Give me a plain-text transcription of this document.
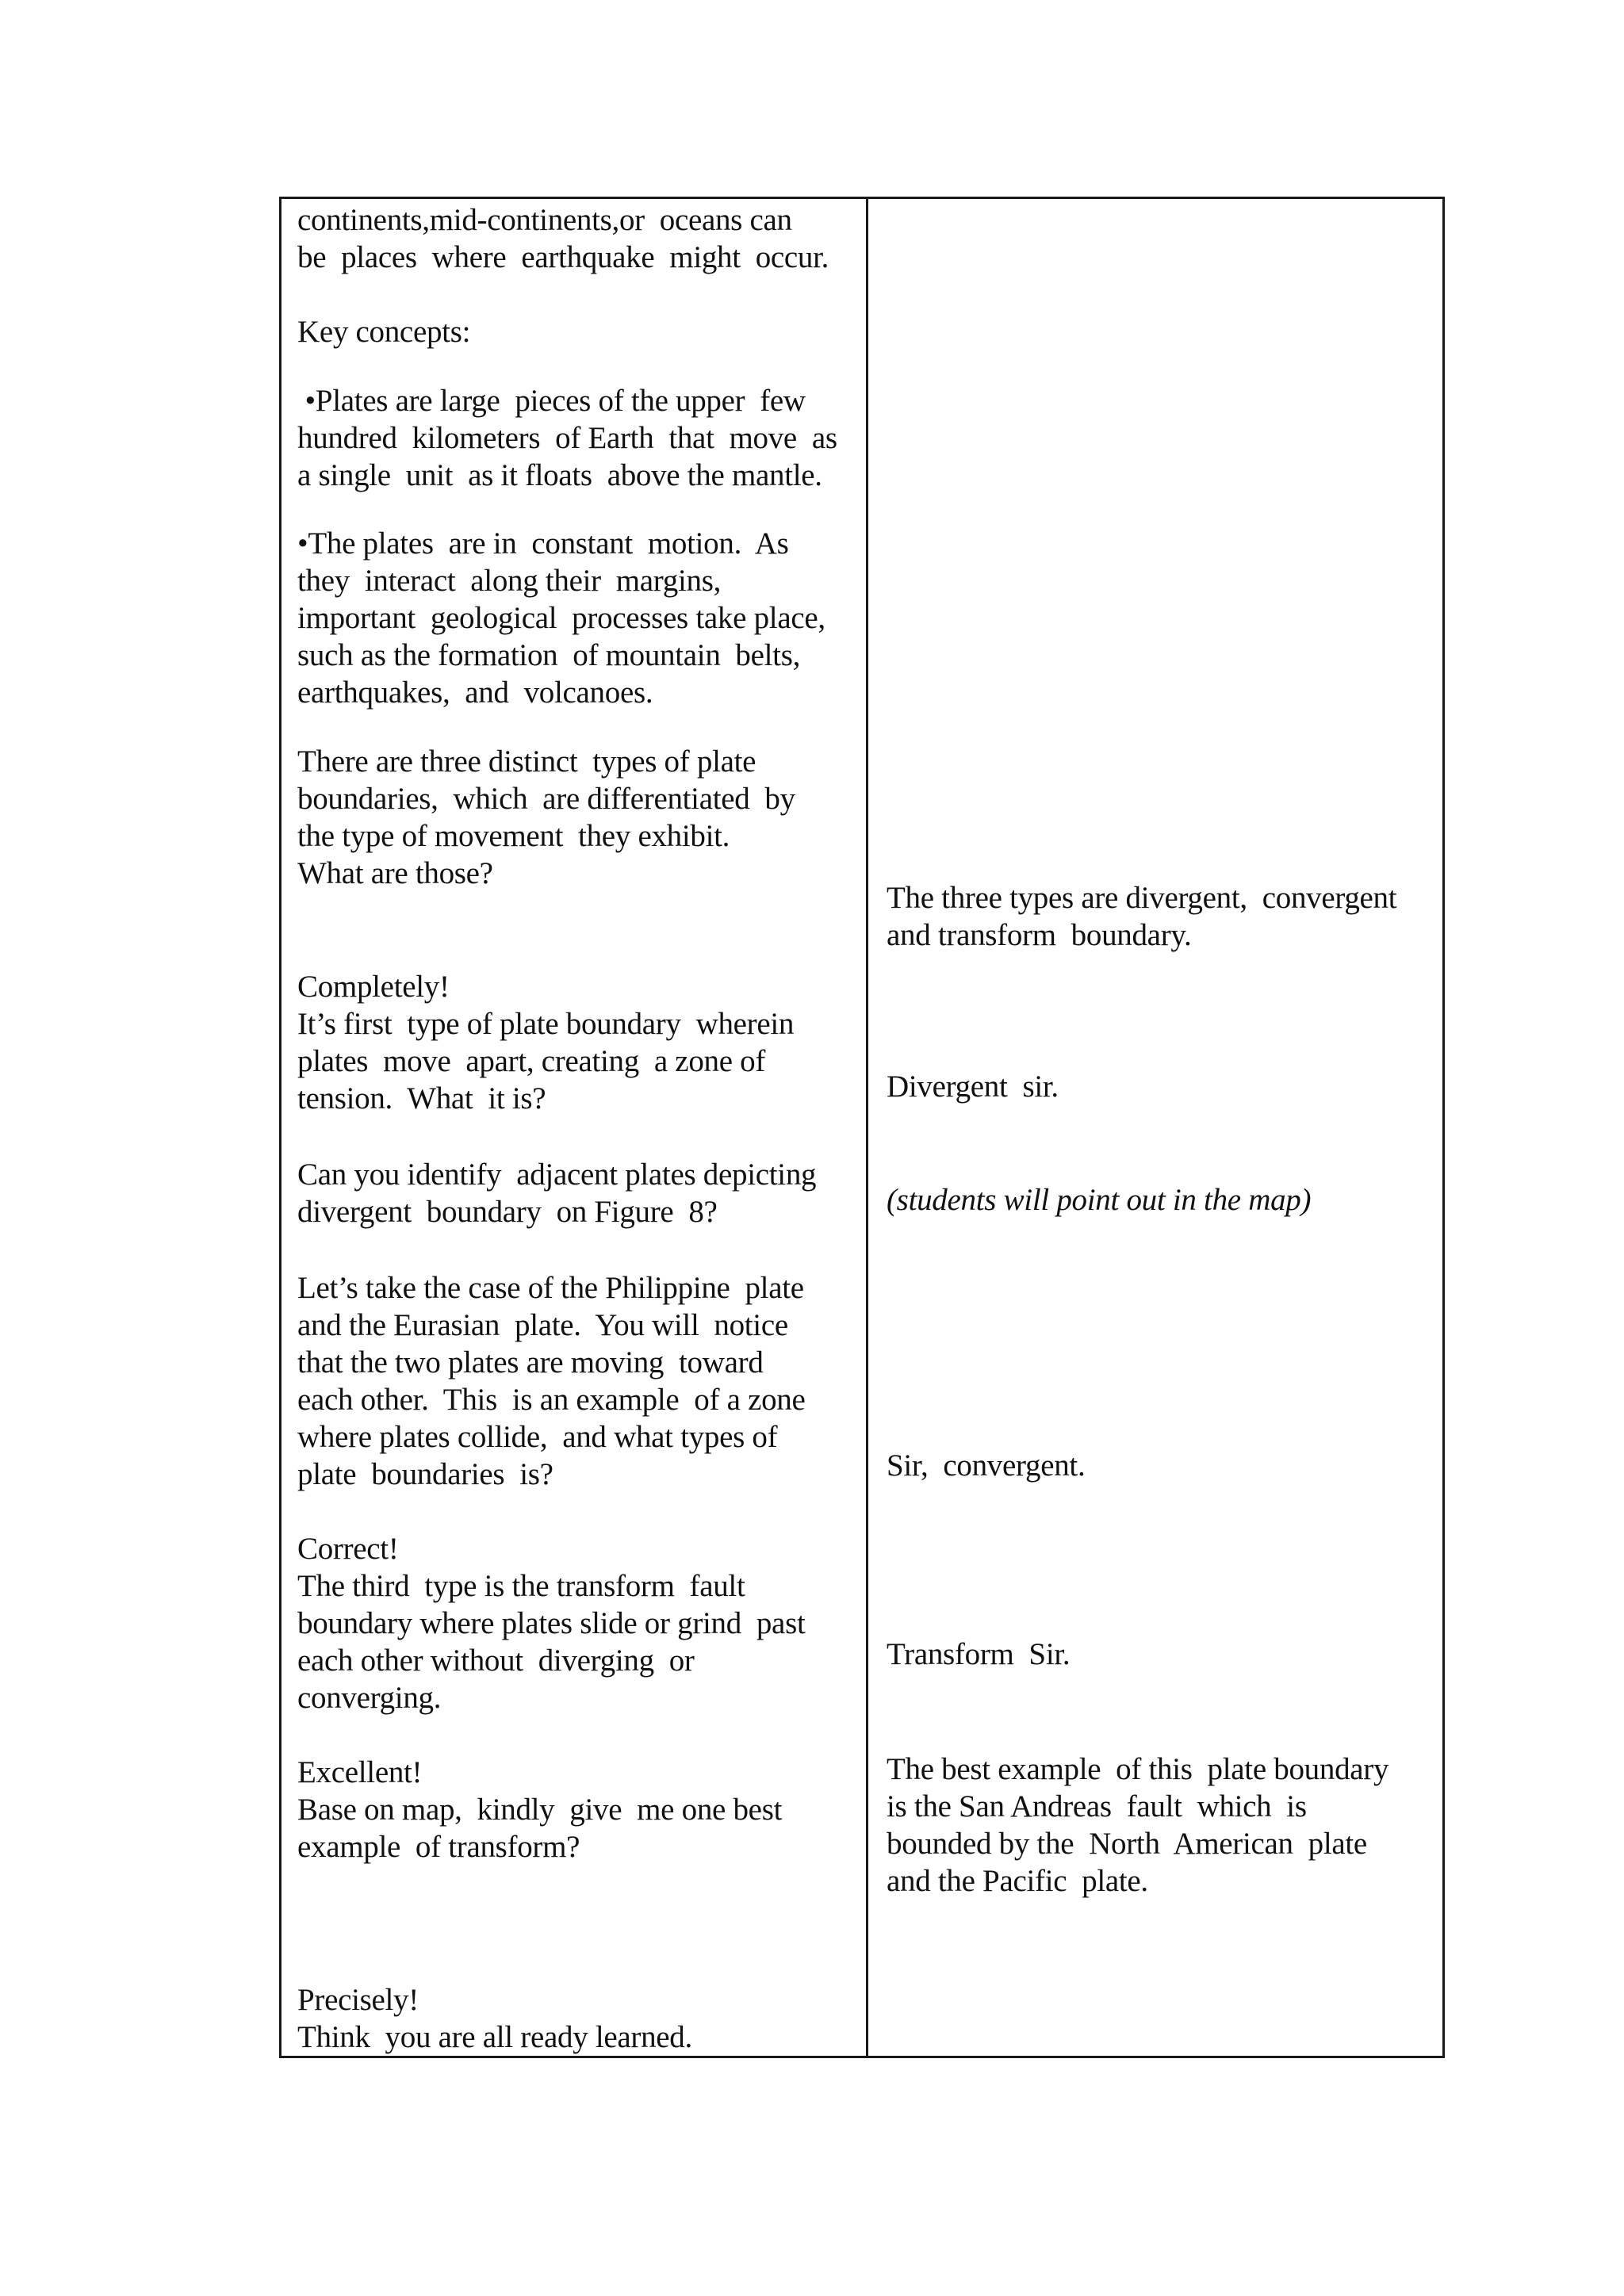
continents,mid-continents,or  oceans can
be  places  where  earthquake  might  occur.
Key concepts:
•Plates are large  pieces of the upper  few
hundred  kilometers  of Earth  that  move  as
a single  unit  as it floats  above the mantle.
•The plates  are in  constant  motion.  As
they  interact  along their  margins,
important  geological  processes take place,
such as the formation  of mountain  belts,
earthquakes,  and  volcanoes.
There are three distinct  types of plate
boundaries,  which  are differentiated  by
the type of movement  they exhibit.
What are those?
Completely!
It’s first  type of plate boundary  wherein
plates  move  apart, creating  a zone of
tension.  What  it is?
Can you identify  adjacent plates depicting
divergent  boundary  on Figure  8?
Let’s take the case of the Philippine  plate
and the Eurasian  plate.  You will  notice
that the two plates are moving  toward
each other.  This  is an example  of a zone
where plates collide,  and what types of
plate  boundaries  is?
Correct!
The third  type is the transform  fault
boundary where plates slide or grind  past
each other without  diverging  or
converging.
Excellent!
Base on map,  kindly  give  me one best
example  of transform?
Precisely!
Think  you are all ready learned.
The three types are divergent,  convergent
and transform  boundary.
Divergent  sir.
(students will point out in the map)
Sir,  convergent.
Transform  Sir.
The best example  of this  plate boundary
is the San Andreas  fault  which  is
bounded by the  North  American  plate
and the Pacific  plate.
